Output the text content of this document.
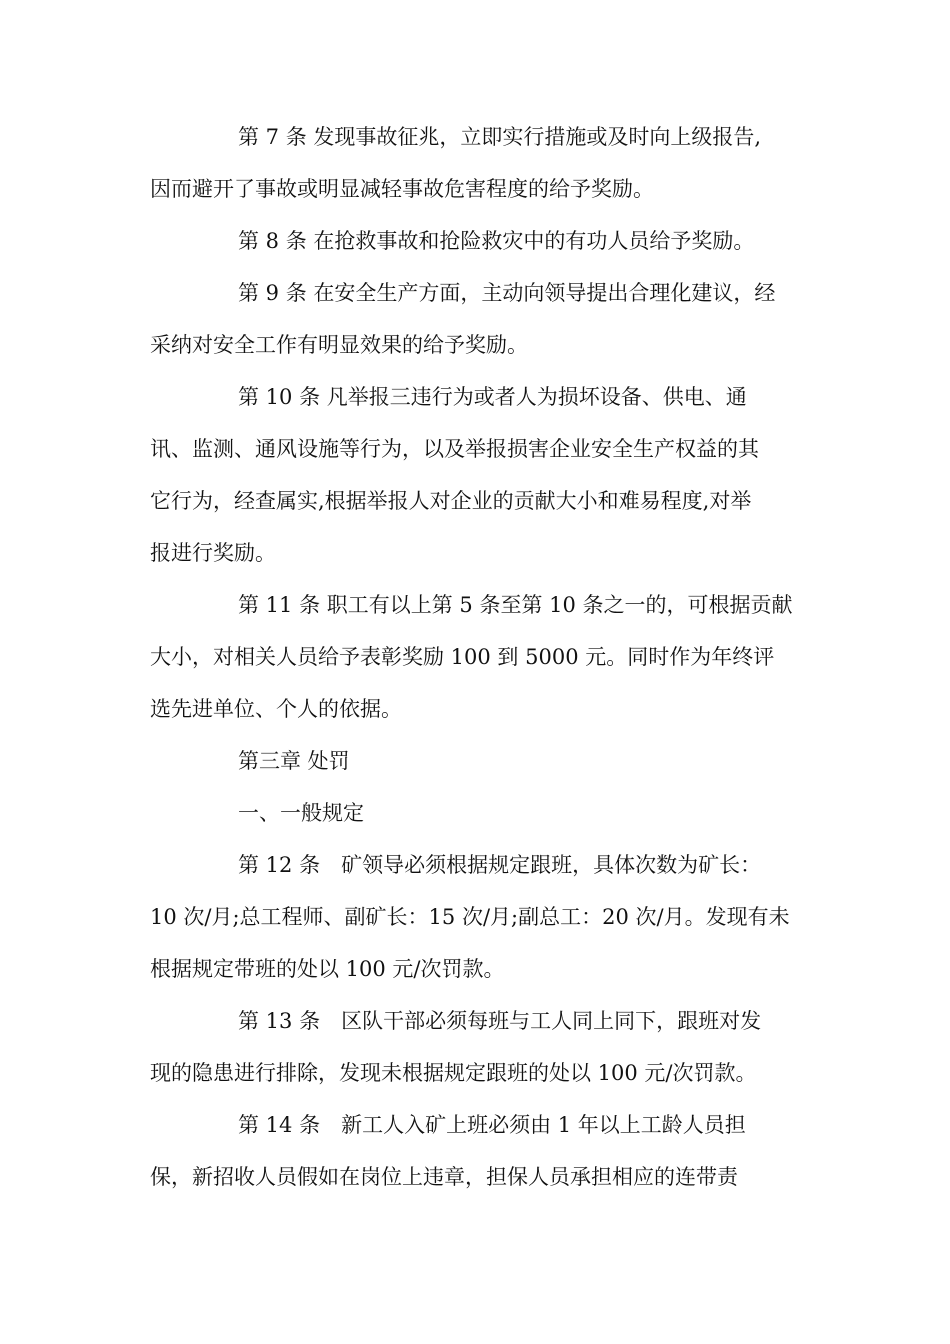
第 7 条 发现事故征兆，立即实行措施或及时向上级报告,
因而避开了事故或明显减轻事故危害程度的给予奖励。
第 8 条 在抢救事故和抢险救灾中的有功人员给予奖励。
第 9 条 在安全生产方面，主动向领导提出合理化建议，经
采纳对安全工作有明显效果的给予奖励。
第 10 条 凡举报三违行为或者人为损坏设备、供电、通
讯、监测、通风设施等行为，以及举报损害企业安全生产权益的其
它行为，经查属实,根据举报人对企业的贡献大小和难易程度,对举
报进行奖励。
第 11 条 职工有以上第 5 条至第 10 条之一的，可根据贡献
大小，对相关人员给予表彰奖励 100 到 5000 元。同时作为年终评
选先进单位、个人的依据。
第三章 处罚
一、一般规定
第 12 条　矿领导必须根据规定跟班，具体次数为矿长：
10 次/月;总工程师、副矿长：15 次/月;副总工：20 次/月。发现有未
根据规定带班的处以 100 元/次罚款。
第 13 条　区队干部必须每班与工人同上同下，跟班对发
现的隐患进行排除，发现未根据规定跟班的处以 100 元/次罚款。
第 14 条　新工人入矿上班必须由 1 年以上工龄人员担
保，新招收人员假如在岗位上违章，担保人员承担相应的连带责
